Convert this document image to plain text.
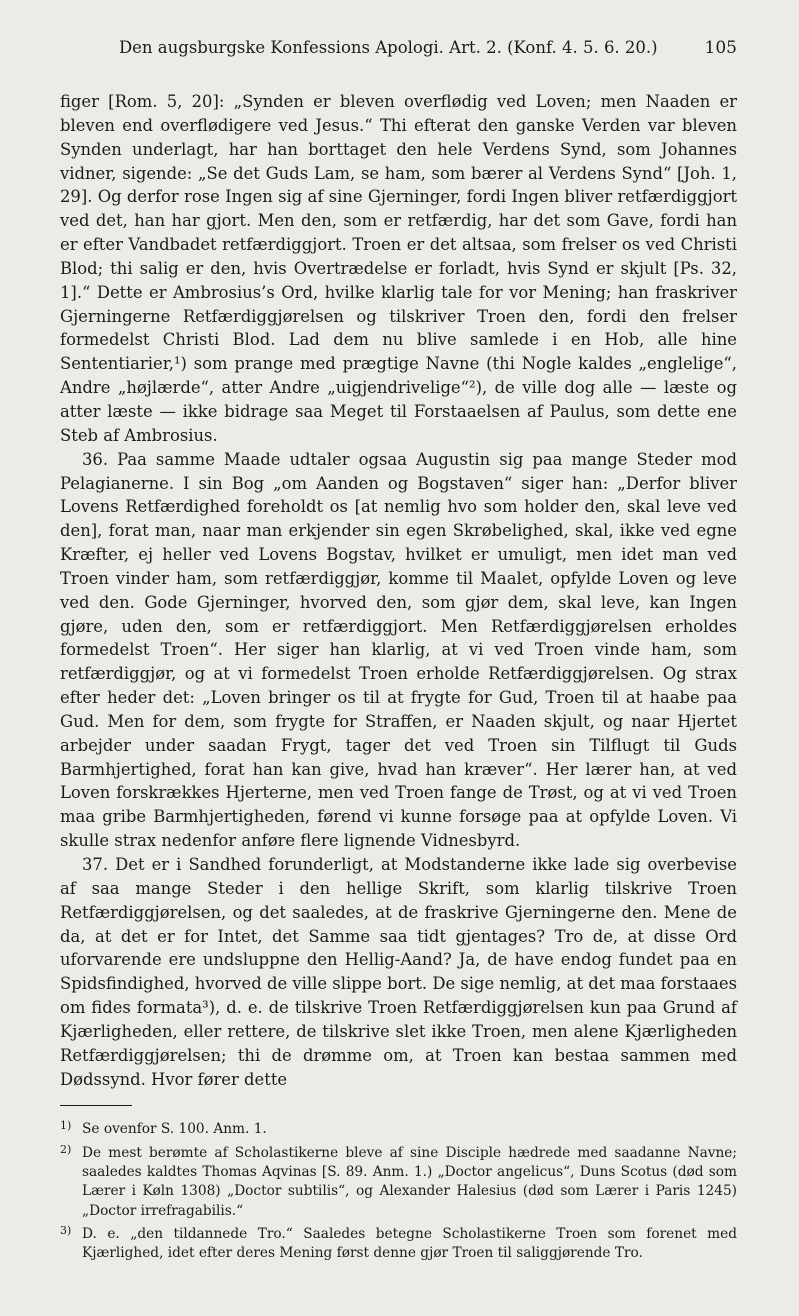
Den augsburgske Konfessions Apologi. Art. 2. (Konf. 4. 5. 6. 20.)	105

figer [Rom. 5, 20]: „Synden er bleven overflødig ved Loven; men Naaden er bleven end overflødigere ved Jesus.“ Thi efterat den ganske Verden var bleven Synden underlagt, har han borttaget den hele Verdens Synd, som Johannes vidner, sigende: „Se det Guds Lam, se ham, som bærer al Verdens Synd“ [Joh. 1, 29]. Og derfor rose Ingen sig af sine Gjerninger, fordi Ingen bliver retfærdiggjort ved det, han har gjort. Men den, som er retfærdig, har det som Gave, fordi han er efter Vandbadet retfærdiggjort. Troen er det altsaa, som frelser os ved Christi Blod; thi salig er den, hvis Overtrædelse er forladt, hvis Synd er skjult [Ps. 32, 1].“ Dette er Ambrosius’s Ord, hvilke klarlig tale for vor Mening; han fraskriver Gjerningerne Retfærdiggjørelsen og tilskriver Troen den, fordi den frelser formedelst Christi Blod. Lad dem nu blive samlede i en Hob, alle hine Sententiarier,¹) som prange med prægtige Navne (thi Nogle kaldes „englelige“, Andre „højlærde“, atter Andre „uigjendrivelige“²), de ville dog alle — læste og atter læste — ikke bidrage saa Meget til Forstaaelsen af Paulus, som dette ene Steb af Ambrosius.

36. Paa samme Maade udtaler ogsaa Augustin sig paa mange Steder mod Pelagianerne. I sin Bog „om Aanden og Bogstaven“ siger han: „Derfor bliver Lovens Retfærdighed foreholdt os [at nemlig hvo som holder den, skal leve ved den], forat man, naar man erkjender sin egen Skrøbelighed, skal, ikke ved egne Kræfter, ej heller ved Lovens Bogstav, hvilket er umuligt, men idet man ved Troen vinder ham, som retfærdiggjør, komme til Maalet, opfylde Loven og leve ved den. Gode Gjerninger, hvorved den, som gjør dem, skal leve, kan Ingen gjøre, uden den, som er retfærdiggjort. Men Retfærdiggjørelsen erholdes formedelst Troen“. Her siger han klarlig, at vi ved Troen vinde ham, som retfærdiggjør, og at vi formedelst Troen erholde Retfærdiggjørelsen. Og strax efter heder det: „Loven bringer os til at frygte for Gud, Troen til at haabe paa Gud. Men for dem, som frygte for Straffen, er Naaden skjult, og naar Hjertet arbejder under saadan Frygt, tager det ved Troen sin Tilflugt til Guds Barmhjertighed, forat han kan give, hvad han kræver“. Her lærer han, at ved Loven forskrækkes Hjerterne, men ved Troen fange de Trøst, og at vi ved Troen maa gribe Barmhjertigheden, førend vi kunne forsøge paa at opfylde Loven. Vi skulle strax nedenfor anføre flere lignende Vidnesbyrd.

37. Det er i Sandhed forunderligt, at Modstanderne ikke lade sig overbevise af saa mange Steder i den hellige Skrift, som klarlig tilskrive Troen Retfærdiggjørelsen, og det saaledes, at de fraskrive Gjerningerne den. Mene de da, at det er for Intet, det Samme saa tidt gjentages? Tro de, at disse Ord uforvarende ere undsluppne den Hellig-Aand? Ja, de have endog fundet paa en Spidsfindighed, hvorved de ville slippe bort. De sige nemlig, at det maa forstaaes om fides formata³), d. e. de tilskrive Troen Retfærdiggjørelsen kun paa Grund af Kjærligheden, eller rettere, de tilskrive slet ikke Troen, men alene Kjærligheden Retfærdiggjørelsen; thi de drømme om, at Troen kan bestaa sammen med Dødssynd. Hvor fører dette

1) Se ovenfor S. 100. Anm. 1.

2) De mest berømte af Scholastikerne bleve af sine Disciple hædrede med saadanne Navne; saaledes kaldtes Thomas Aqvinas [S. 89. Anm. 1.) „Doctor angelicus“, Duns Scotus (død som Lærer i Køln 1308) „Doctor subtilis“, og Alexander Halesius (død som Lærer i Paris 1245) „Doctor irrefragabilis.“

3) D. e. „den tildannede Tro.“ Saaledes betegne Scholastikerne Troen som forenet med Kjærlighed, idet efter deres Mening først denne gjør Troen til saliggjørende Tro.
